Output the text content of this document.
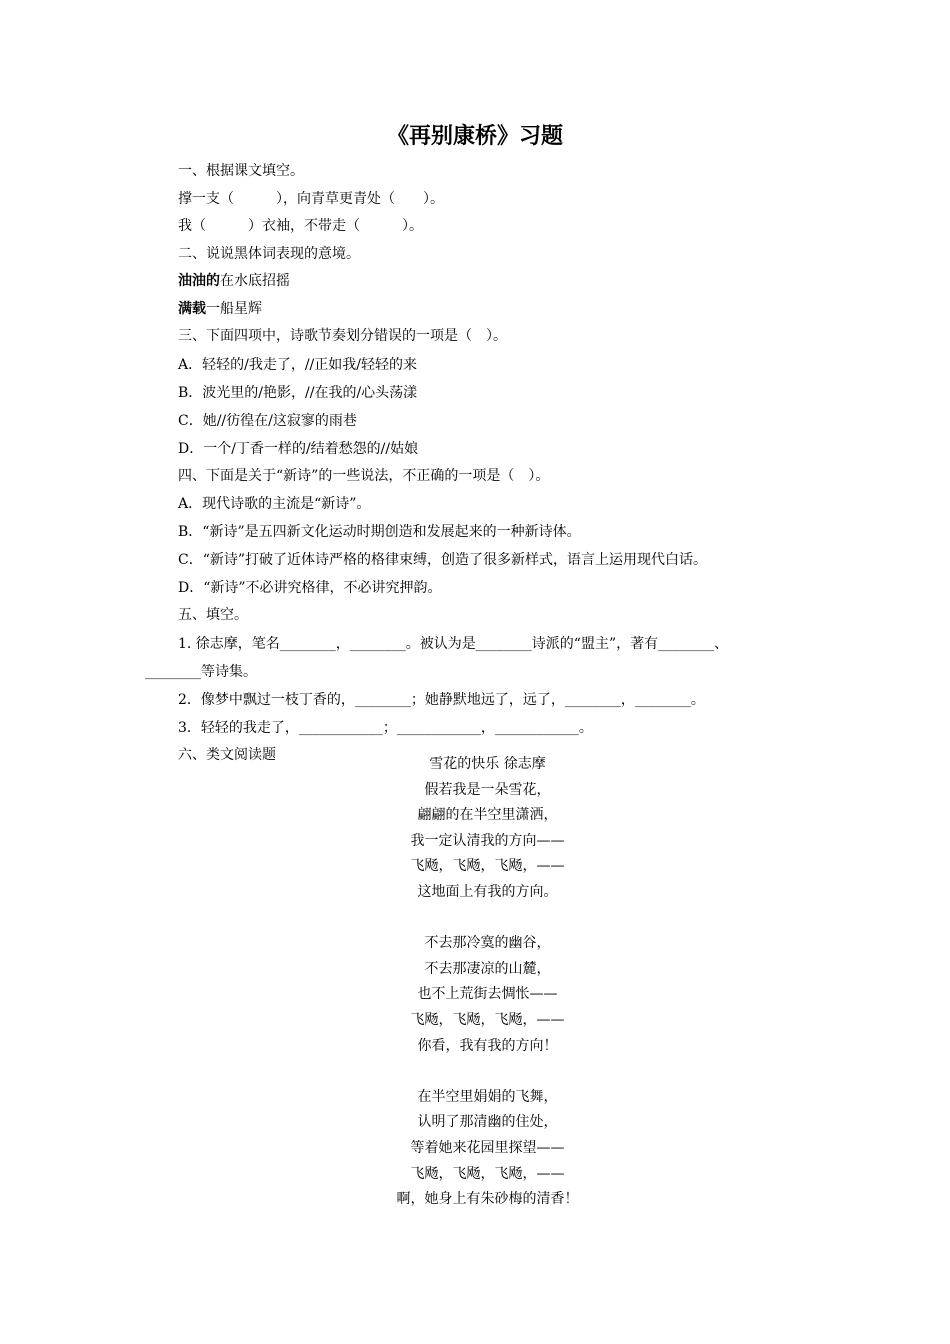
《再别康桥》习题
一、根据课文填空。
撑一支（　　　），向青草更青处（　　）。
我（　　　）衣袖，不带走（　　　）。
二、说说黑体词表现的意境。
油油的在水底招摇
满载一船星辉
三、下面四项中，诗歌节奏划分错误的一项是（　）。
A．轻轻的/我走了，//正如我/轻轻的来
B．波光里的/艳影，//在我的/心头荡漾
C．她//彷徨在/这寂寥的雨巷
D．一个/丁香一样的/结着愁怨的//姑娘
四、下面是关于“新诗”的一些说法，不正确的一项是（　）。
A．现代诗歌的主流是“新诗”。
B．“新诗”是五四新文化运动时期创造和发展起来的一种新诗体。
C．“新诗”打破了近体诗严格的格律束缚，创造了很多新样式，语言上运用现代白话。
D．“新诗”不必讲究格律，不必讲究押韵。
五、填空。
1. 徐志摩，笔名________，________。被认为是________诗派的“盟主”，著有________、
________等诗集。
2．像梦中飘过一枝丁香的，________；她静默地远了，远了，________，________。
3．轻轻的我走了，____________；____________，____________。
六、类文阅读题
雪花的快乐 徐志摩
假若我是一朵雪花，
翩翩的在半空里潇洒，
我一定认清我的方向——
飞飏，飞飏，飞飏，——
这地面上有我的方向。
不去那冷寞的幽谷，
不去那凄凉的山麓，
也不上荒街去惆怅——
飞飏，飞飏，飞飏，——
你看，我有我的方向！
在半空里娟娟的飞舞，
认明了那清幽的住处，
等着她来花园里探望——
飞飏，飞飏，飞飏，——
啊，她身上有朱砂梅的清香！
